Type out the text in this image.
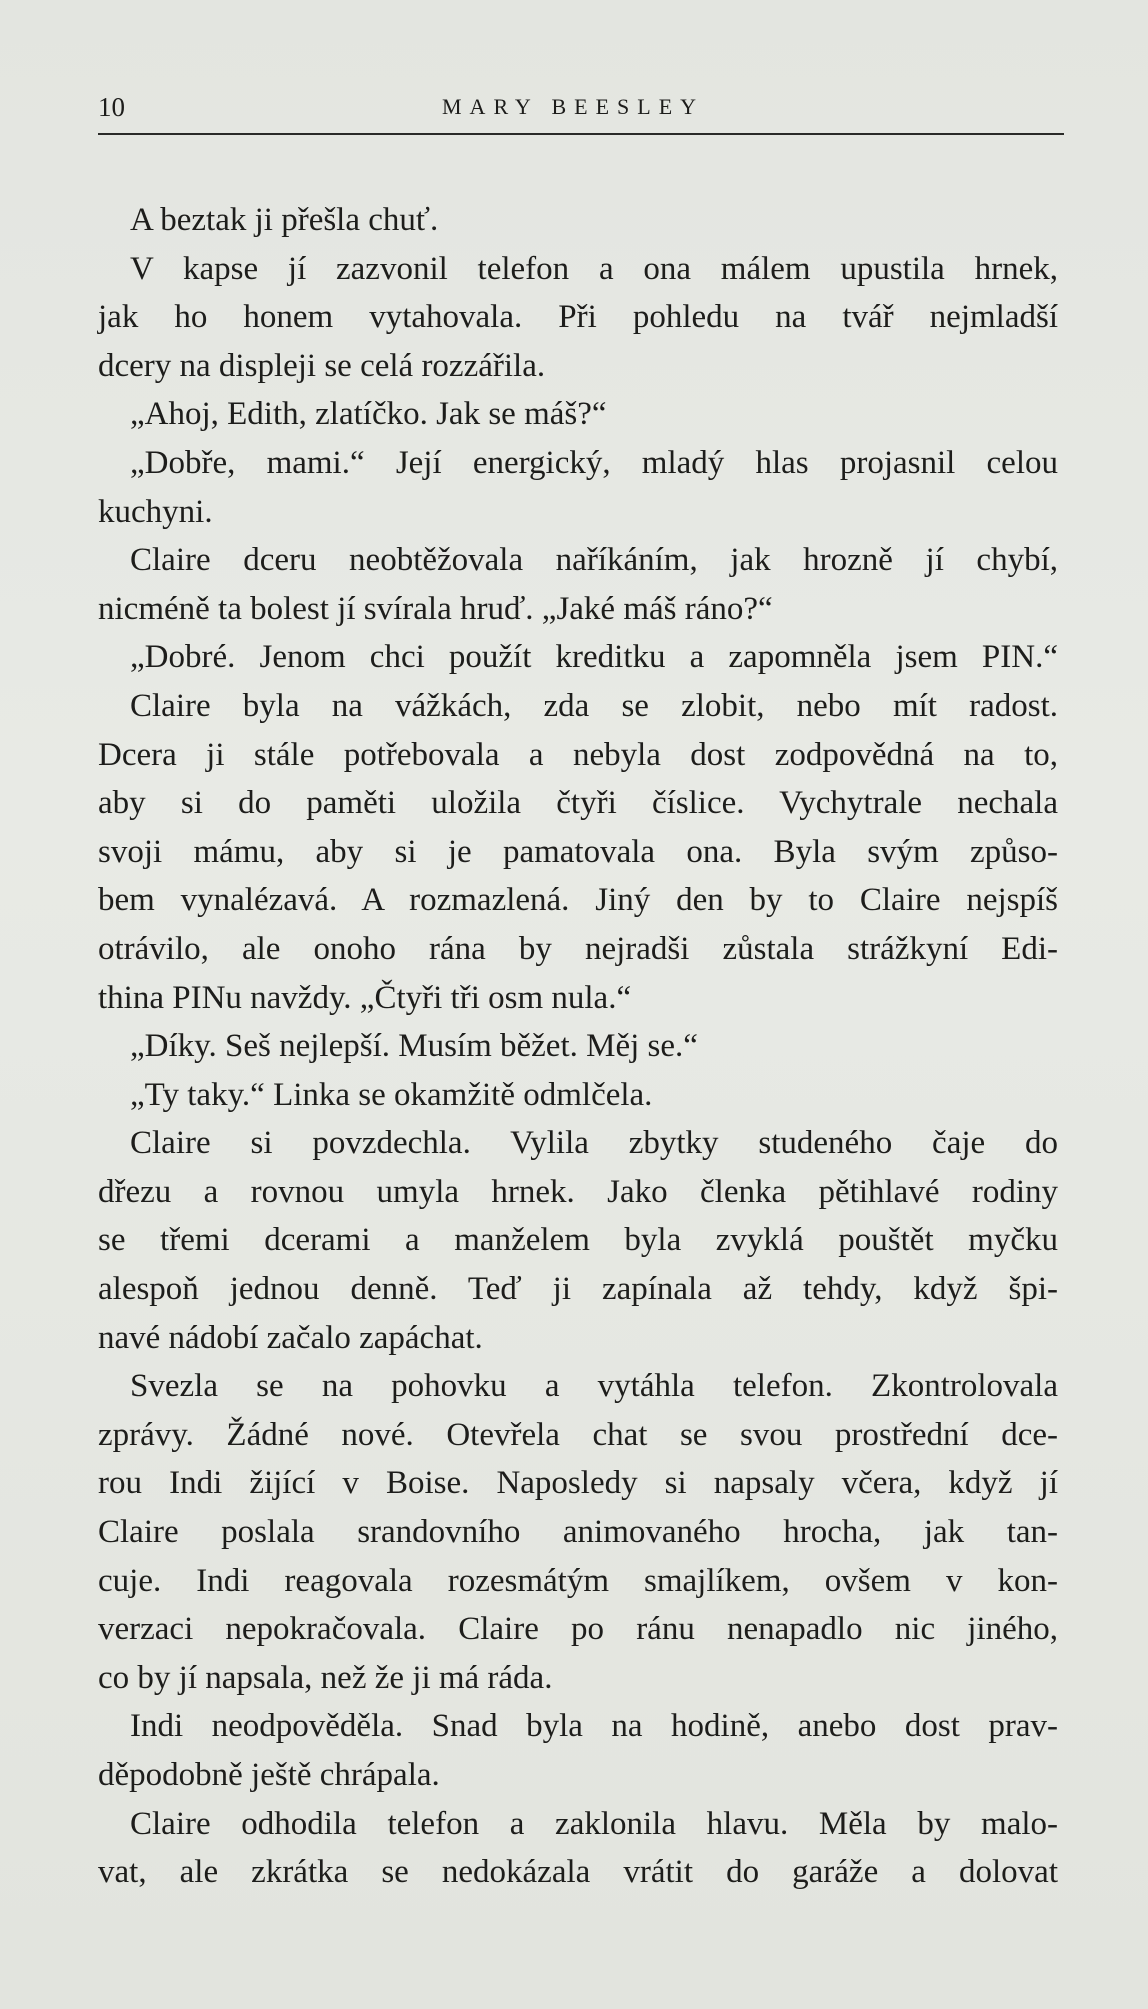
10	MARY BEESLEY
A beztak ji přešla chuť.
V kapse jí zazvonil telefon a ona málem upustila hrnek,
jak ho honem vytahovala. Při pohledu na tvář nejmladší
dcery na displeji se celá rozzářila.
„Ahoj, Edith, zlatíčko. Jak se máš?“
„Dobře, mami.“ Její energický, mladý hlas projasnil celou
kuchyni.
Claire dceru neobtěžovala naříkáním, jak hrozně jí chybí,
nicméně ta bolest jí svírala hruď. „Jaké máš ráno?“
„Dobré. Jenom chci použít kreditku a zapomněla jsem PIN.“
Claire byla na vážkách, zda se zlobit, nebo mít radost.
Dcera ji stále potřebovala a nebyla dost zodpovědná na to,
aby si do paměti uložila čtyři číslice. Vychytrale nechala
svoji mámu, aby si je pamatovala ona. Byla svým způso-
bem vynalézavá. A rozmazlená. Jiný den by to Claire nejspíš
otrávilo, ale onoho rána by nejradši zůstala strážkyní Edi-
thina PINu navždy. „Čtyři tři osm nula.“
„Díky. Seš nejlepší. Musím běžet. Měj se.“
„Ty taky.“ Linka se okamžitě odmlčela.
Claire si povzdechla. Vylila zbytky studeného čaje do
dřezu a rovnou umyla hrnek. Jako členka pětihlavé rodiny
se třemi dcerami a manželem byla zvyklá pouštět myčku
alespoň jednou denně. Teď ji zapínala až tehdy, když špi-
navé nádobí začalo zapáchat.
Svezla se na pohovku a vytáhla telefon. Zkontrolovala
zprávy. Žádné nové. Otevřela chat se svou prostřední dce-
rou Indi žijící v Boise. Naposledy si napsaly včera, když jí
Claire poslala srandovního animovaného hrocha, jak tan-
cuje. Indi reagovala rozesmátým smajlíkem, ovšem v kon-
verzaci nepokračovala. Claire po ránu nenapadlo nic jiného,
co by jí napsala, než že ji má ráda.
Indi neodpověděla. Snad byla na hodině, anebo dost prav-
děpodobně ještě chrápala.
Claire odhodila telefon a zaklonila hlavu. Měla by malo-
vat, ale zkrátka se nedokázala vrátit do garáže a dolovat
